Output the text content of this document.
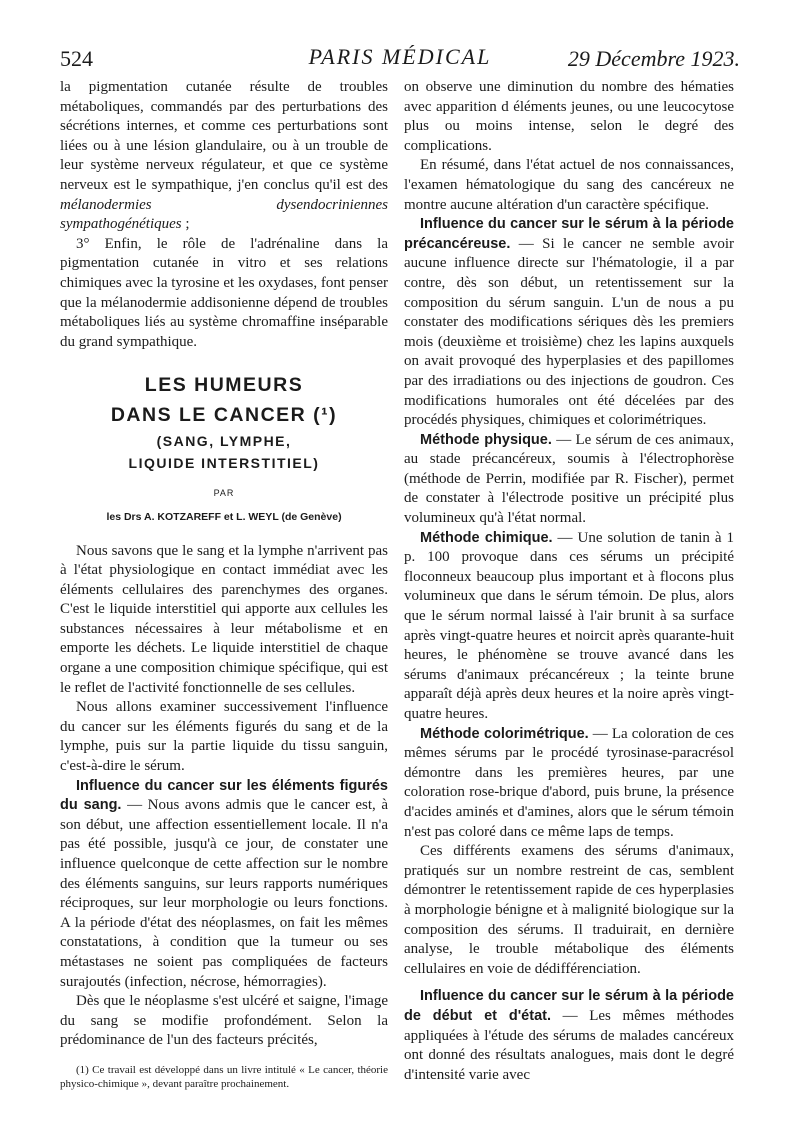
524	PARIS MÉDICAL	29 Décembre 1923.

la pigmentation cutanée résulte de troubles métaboliques, commandés par des perturbations des sécrétions internes, et comme ces perturbations sont liées ou à une lésion glandulaire, ou à un trouble de leur système nerveux régulateur, et que ce système nerveux est le sympathique, j'en conclus qu'il est des mélanodermies dysendocriniennes sympathogénétiques ;

3° Enfin, le rôle de l'adrénaline dans la pigmentation cutanée in vitro et ses relations chimiques avec la tyrosine et les oxydases, font penser que la mélanodermie addisonienne dépend de troubles métaboliques liés au système chromaffine inséparable du grand sympathique.

LES HUMEURS
DANS LE CANCER (¹)
(SANG, LYMPHE,
LIQUIDE INTERSTITIEL)
PAR
les Drs A. KOTZAREFF et L. WEYL (de Genève)

Nous savons que le sang et la lymphe n'arrivent pas à l'état physiologique en contact immédiat avec les éléments cellulaires des parenchymes des organes. C'est le liquide interstitiel qui apporte aux cellules les substances nécessaires à leur métabolisme et en emporte les déchets. Le liquide interstitiel de chaque organe a une composition chimique spécifique, qui est le reflet de l'activité fonctionnelle de ses cellules.

Nous allons examiner successivement l'influence du cancer sur les éléments figurés du sang et de la lymphe, puis sur la partie liquide du tissu sanguin, c'est-à-dire le sérum.

Influence du cancer sur les éléments figurés du sang. — Nous avons admis que le cancer est, à son début, une affection essentiellement locale. Il n'a pas été possible, jusqu'à ce jour, de constater une influence quelconque de cette affection sur le nombre des éléments sanguins, sur leurs rapports numériques réciproques, sur leur morphologie ou leurs fonctions. A la période d'état des néoplasmes, on fait les mêmes constatations, à condition que la tumeur ou ses métastases ne soient pas compliquées de facteurs surajoutés (infection, nécrose, hémorragies).

Dès que le néoplasme s'est ulcéré et saigne, l'image du sang se modifie profondément. Selon la prédominance de l'un des facteurs précités,

(1) Ce travail est développé dans un livre intitulé « Le cancer, théorie physico-chimique », devant paraître prochainement.

on observe une diminution du nombre des hématies avec apparition d éléments jeunes, ou une leucocytose plus ou moins intense, selon le degré des complications.

En résumé, dans l'état actuel de nos connaissances, l'examen hématologique du sang des cancéreux ne montre aucune altération d'un caractère spécifique.

Influence du cancer sur le sérum à la période précancéreuse. — Si le cancer ne semble avoir aucune influence directe sur l'hématologie, il a par contre, dès son début, un retentissement sur la composition du sérum sanguin. L'un de nous a pu constater des modifications sériques dès les premiers mois (deuxième et troisième) chez les lapins auxquels on avait provoqué des hyperplasies et des papillomes par des irradiations ou des injections de goudron. Ces modifications humorales ont été décelées par des procédés physiques, chimiques et colorimétriques.

Méthode physique. — Le sérum de ces animaux, au stade précancéreux, soumis à l'électrophorèse (méthode de Perrin, modifiée par R. Fischer), permet de constater à l'électrode positive un précipité plus volumineux qu'à l'état normal.

Méthode chimique. — Une solution de tanin à 1 p. 100 provoque dans ces sérums un précipité floconneux beaucoup plus important et à flocons plus volumineux que dans le sérum témoin. De plus, alors que le sérum normal laissé à l'air brunit à sa surface après vingt-quatre heures et noircit après quarante-huit heures, le phénomène se trouve avancé dans les sérums d'animaux précancéreux ; la teinte brune apparaît déjà après deux heures et la noire après vingt-quatre heures.

Méthode colorimétrique. — La coloration de ces mêmes sérums par le procédé tyrosinase-paracrésol démontre dans les premières heures, par une coloration rose-brique d'abord, puis brune, la présence d'acides aminés et d'amines, alors que le sérum témoin n'est pas coloré dans ce même laps de temps.

Ces différents examens des sérums d'animaux, pratiqués sur un nombre restreint de cas, semblent démontrer le retentissement rapide de ces hyperplasies à morphologie bénigne et à malignité biologique sur la composition des sérums. Il traduirait, en dernière analyse, le trouble métabolique des éléments cellulaires en voie de dédifférenciation.

Influence du cancer sur le sérum à la période de début et d'état. — Les mêmes méthodes appliquées à l'étude des sérums de malades cancéreux ont donné des résultats analogues, mais dont le degré d'intensité varie avec
